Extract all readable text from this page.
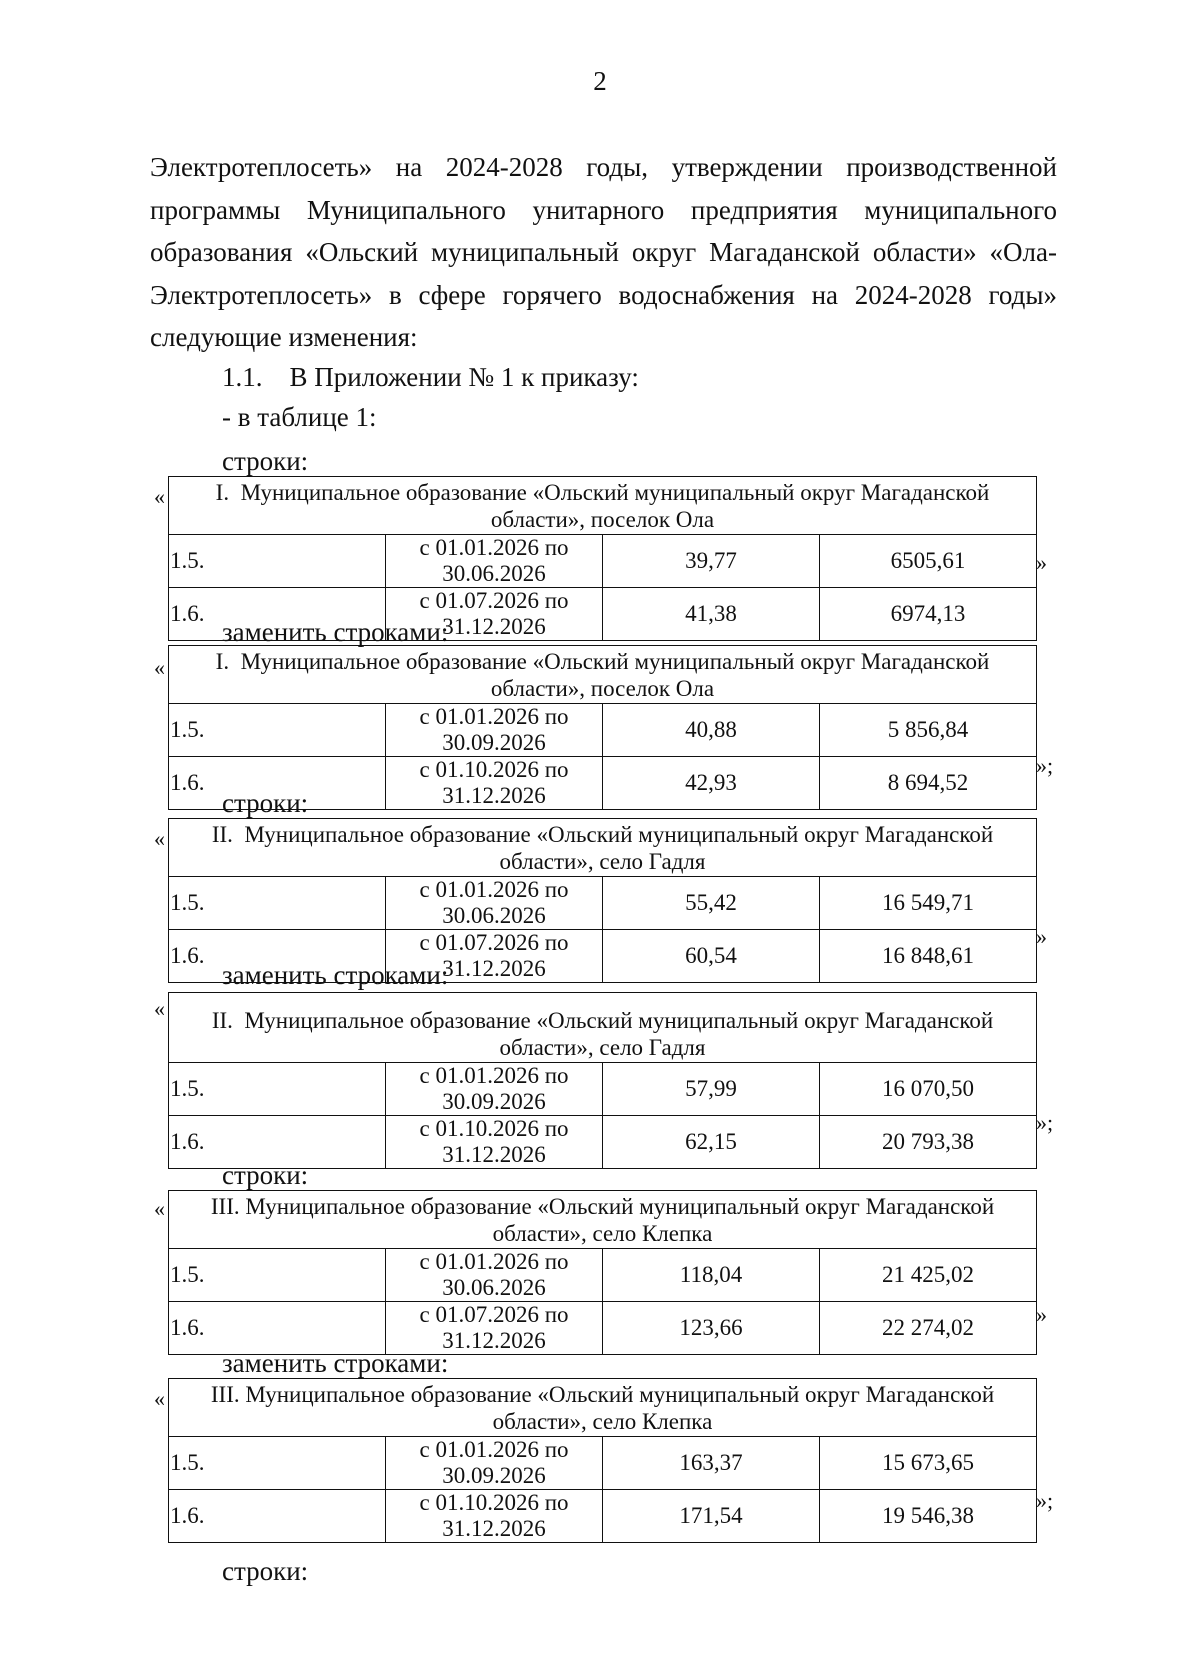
2
Электротеплосеть» на 2024-2028 годы, утверждении производственной
программы Муниципального унитарного предприятия муниципального
образования «Ольский муниципальный округ Магаданской области» «Ола-
Электротеплосеть» в сфере горячего водоснабжения на 2024-2028 годы»
следующие изменения:
1.1.    В Приложении № 1 к приказу:
- в таблице 1:
строки:
« I.  Муниципальное образование «Ольский муниципальный округ Магаданской области», поселок Ола			
1.5.	с 01.01.2026 по 30.06.2026	39,77	6505,61
1.6.	с 01.07.2026 по 31.12.2026	41,38	6974,13
»
заменить строками:
« I.  Муниципальное образование «Ольский муниципальный округ Магаданской области», поселок Ола			
1.5.	с 01.01.2026 по 30.09.2026	40,88	5 856,84
1.6.	с 01.10.2026 по 31.12.2026	42,93	8 694,52
»;
строки:
« II.  Муниципальное образование «Ольский муниципальный округ Магаданской области», село Гадля			
1.5.	с 01.01.2026 по 30.06.2026	55,42	16 549,71
1.6.	с 01.07.2026 по 31.12.2026	60,54	16 848,61
»
заменить строками:
« II.  Муниципальное образование «Ольский муниципальный округ Магаданской области», село Гадля			
1.5.	с 01.01.2026 по 30.09.2026	57,99	16 070,50
1.6.	с 01.10.2026 по 31.12.2026	62,15	20 793,38
»;
строки:
« III. Муниципальное образование «Ольский муниципальный округ Магаданской области», село Клепка			
1.5.	с 01.01.2026 по 30.06.2026	118,04	21 425,02
1.6.	с 01.07.2026 по 31.12.2026	123,66	22 274,02
»
заменить строками:
« III. Муниципальное образование «Ольский муниципальный округ Магаданской области», село Клепка			
1.5.	с 01.01.2026 по 30.09.2026	163,37	15 673,65
1.6.	с 01.10.2026 по 31.12.2026	171,54	19 546,38
»;
строки:
